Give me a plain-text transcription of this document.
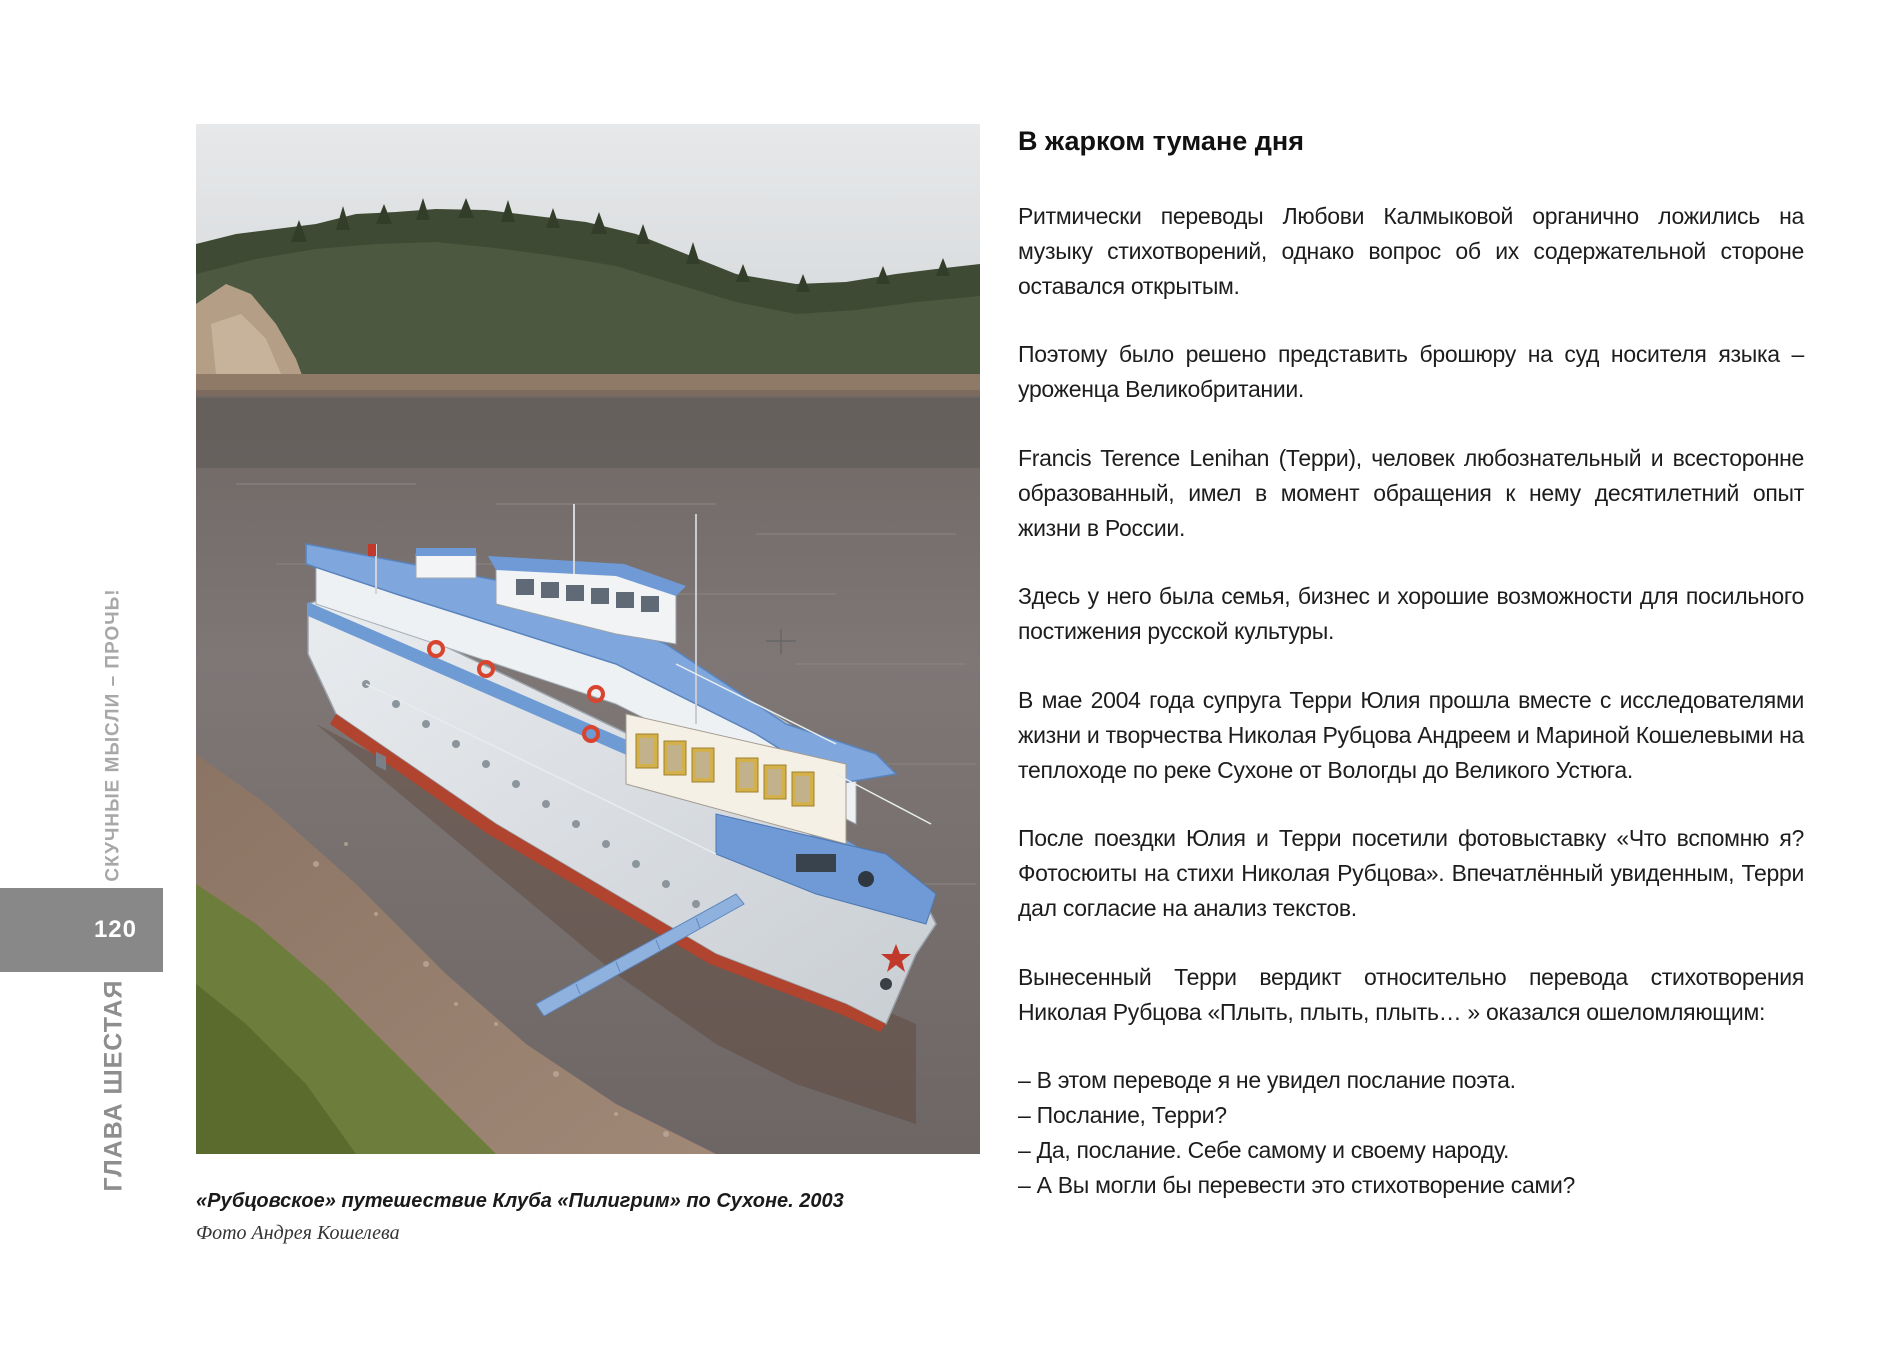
СКУЧНЫЕ МЫСЛИ – ПРОЧЬ!
120
ГЛАВА ШЕСТАЯ
«Рубцовское» путешествие Клуба «Пилигрим» по Сухоне. 2003
Фото Андрея Кошелева
В жарком тумане дня

Ритмически переводы Любови Калмыковой органично ложились на музыку стихотворений, однако вопрос об их содержательной стороне оставался открытым.

Поэтому было решено представить брошюру на суд носителя языка – уроженца Великобритании.

Francis Terence Lenihan (Терри), человек любознательный и всесторонне образованный, имел в момент обращения к нему десятилетний опыт жизни в России.

Здесь у него была семья, бизнес и хорошие возможности для посильного постижения русской культуры.

В мае 2004 года супруга Терри Юлия прошла вместе с исследователями жизни и творчества Николая Рубцова Андреем и Мариной Кошелевыми на теплоходе по реке Сухоне от Вологды до Великого Устюга.

После поездки Юлия и Терри посетили фотовыставку «Что вспомню я? Фотосюиты на стихи Николая Рубцова». Впечатлённый увиденным, Терри дал согласие на анализ текстов.

Вынесенный Терри вердикт относительно перевода стихотворения Николая Рубцова «Плыть, плыть, плыть… » оказался ошеломляющим:

– В этом переводе я не увидел послание поэта.

– Послание, Терри?

– Да, послание. Себе самому и своему народу.

– А Вы могли бы перевести это стихотворение сами?
